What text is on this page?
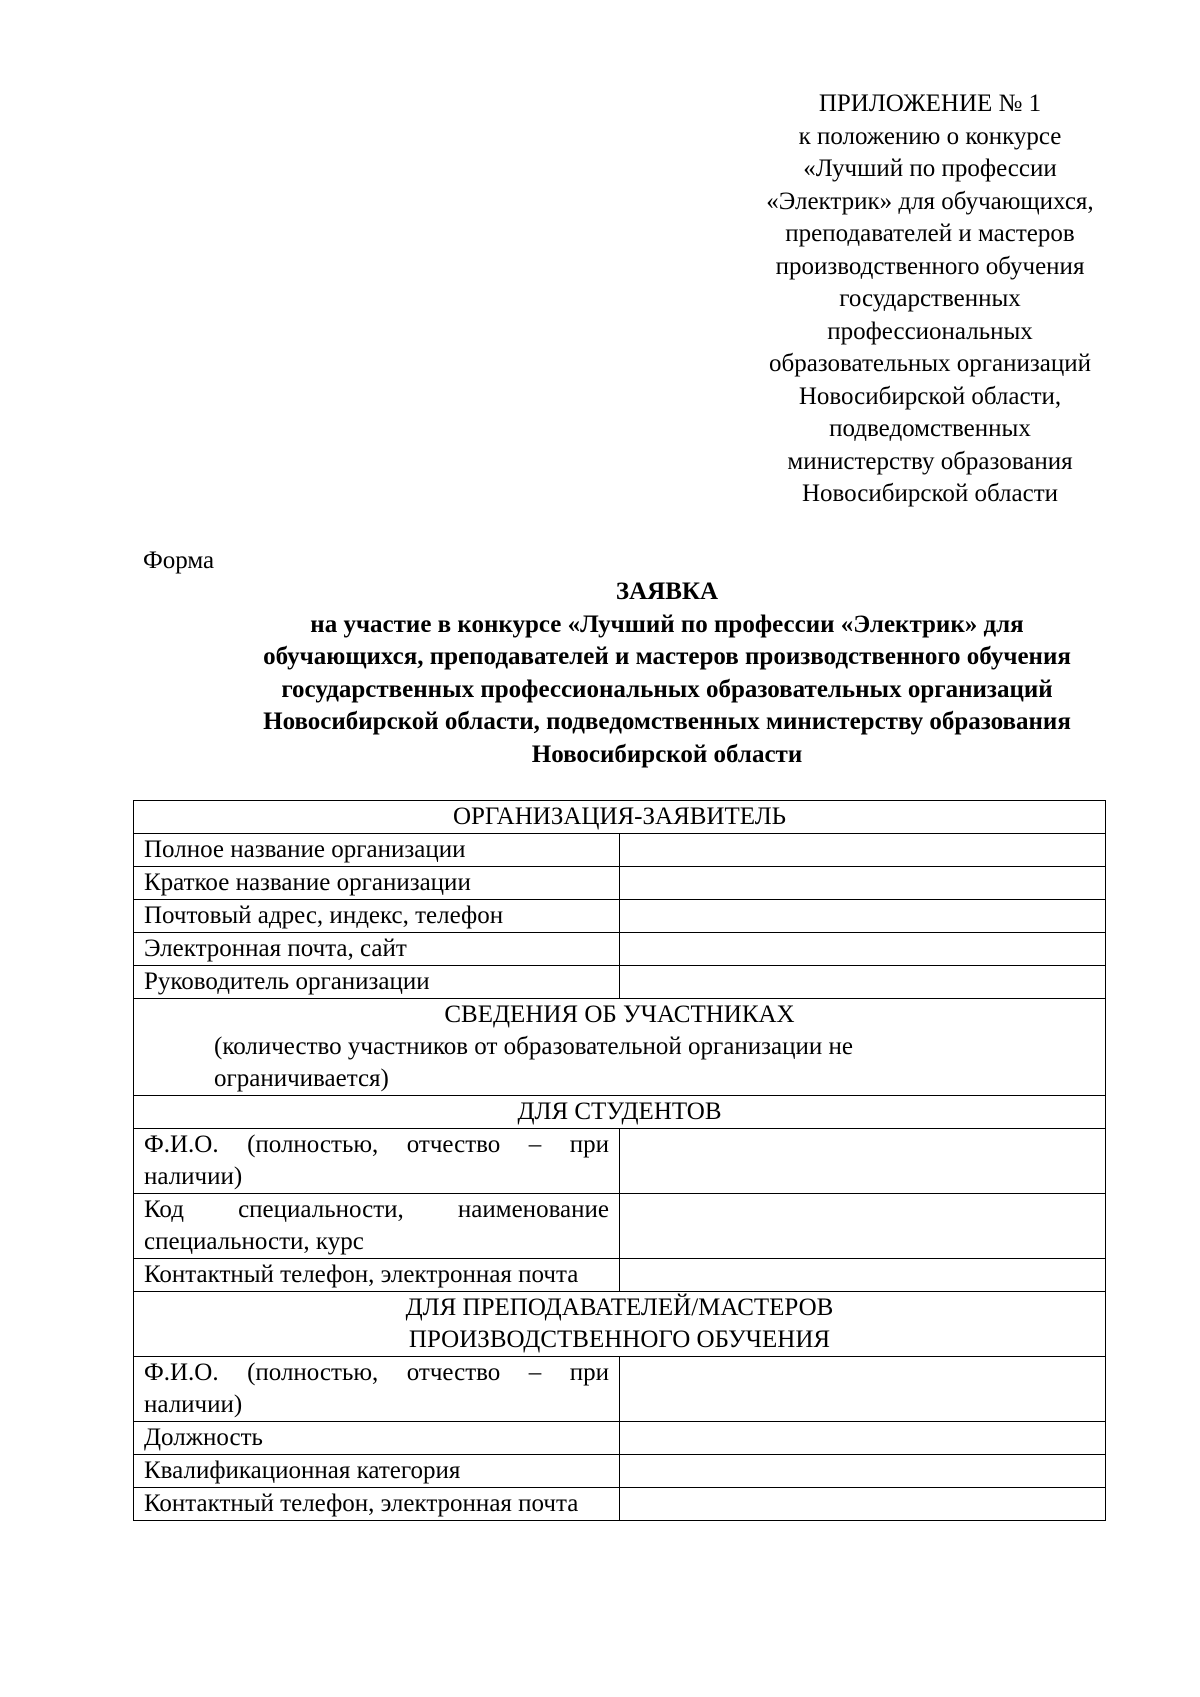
ПРИЛОЖЕНИЕ № 1
к положению о конкурсе
«Лучший по профессии
«Электрик» для обучающихся,
преподавателей и мастеров
производственного обучения
государственных
профессиональных
образовательных организаций
Новосибирской области,
подведомственных
министерству образования
Новосибирской области
Форма
ЗАЯВКА
на участие в конкурсе «Лучший по профессии «Электрик» для
обучающихся, преподавателей и мастеров производственного обучения
государственных профессиональных образовательных организаций
Новосибирской области, подведомственных министерству образования
Новосибирской области
ОРГАНИЗАЦИЯ-ЗАЯВИТЕЛЬ	
Полное название организации	
Краткое название организации	
Почтовый адрес, индекс, телефон	
Электронная почта, сайт	
Руководитель организации	

СВЕДЕНИЯ ОБ УЧАСТНИКАХ
(количество участников от образовательной организации не
ограничивается)	

ДЛЯ СТУДЕНТОВ	
Ф.И.О. (полностью, отчество – при наличии)	
Код специальности, наименование специальности, курс	
Контактный телефон, электронная почта	

ДЛЯ ПРЕПОДАВАТЕЛЕЙ/МАСТЕРОВ
ПРОИЗВОДСТВЕННОГО ОБУЧЕНИЯ	

Ф.И.О. (полностью, отчество – при наличии)	
Должность	
Квалификационная категория	
Контактный телефон, электронная почта	
